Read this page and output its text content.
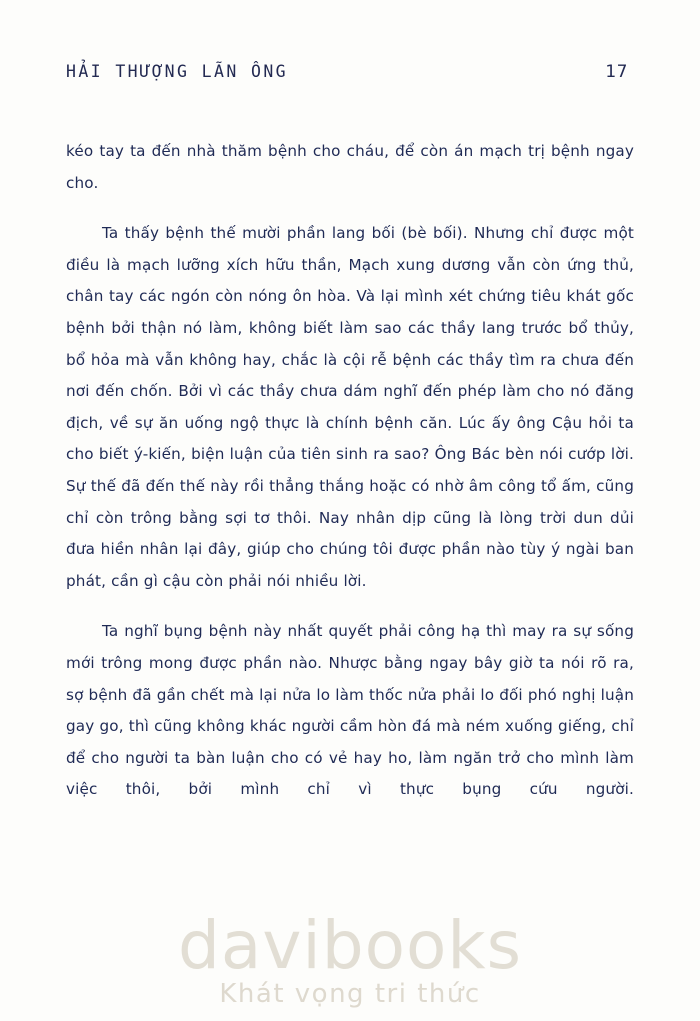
HẢI THƯỢNG LÃN ÔNG	17

kéo tay ta đến nhà thăm bệnh cho cháu, để còn án mạch trị bệnh ngay cho.

Ta thấy bệnh thế mười phần lang bối (bè bối). Nhưng chỉ được một điều là mạch lưỡng xích hữu thần, Mạch xung dương vẫn còn ứng thủ, chân tay các ngón còn nóng ôn hòa. Và lại mình xét chứng tiêu khát gốc bệnh bởi thận nó làm, không biết làm sao các thầy lang trước bổ thủy, bổ hỏa mà vẫn không hay, chắc là cội rễ bệnh các thầy tìm ra chưa đến nơi đến chốn. Bởi vì các thầy chưa dám nghĩ đến phép làm cho nó đăng địch, về sự ăn uống ngộ thực là chính bệnh căn. Lúc ấy ông Cậu hỏi ta cho biết ý-kiến, biện luận của tiên sinh ra sao? Ông Bác bèn nói cướp lời. Sự thế đã đến thế này rồi thẳng thắng hoặc có nhờ âm công tổ ấm, cũng chỉ còn trông bằng sợi tơ thôi. Nay nhân dịp cũng là lòng trời dun dủi đưa hiền nhân lại đây, giúp cho chúng tôi được phần nào tùy ý ngài ban phát, cần gì cậu còn phải nói nhiều lời.

Ta nghĩ bụng bệnh này nhất quyết phải công hạ thì may ra sự sống mới trông mong được phần nào. Nhược bằng ngay bây giờ ta nói rõ ra, sợ bệnh đã gần chết mà lại nửa lo làm thốc nửa phải lo đối phó nghị luận gay go, thì cũng không khác người cầm hòn đá mà ném xuống giếng, chỉ để cho người ta bàn luận cho có vẻ hay ho, làm ngăn trở cho mình làm việc thôi, bởi mình chỉ vì thực bụng cứu người.

davibooks
Khát vọng tri thức
